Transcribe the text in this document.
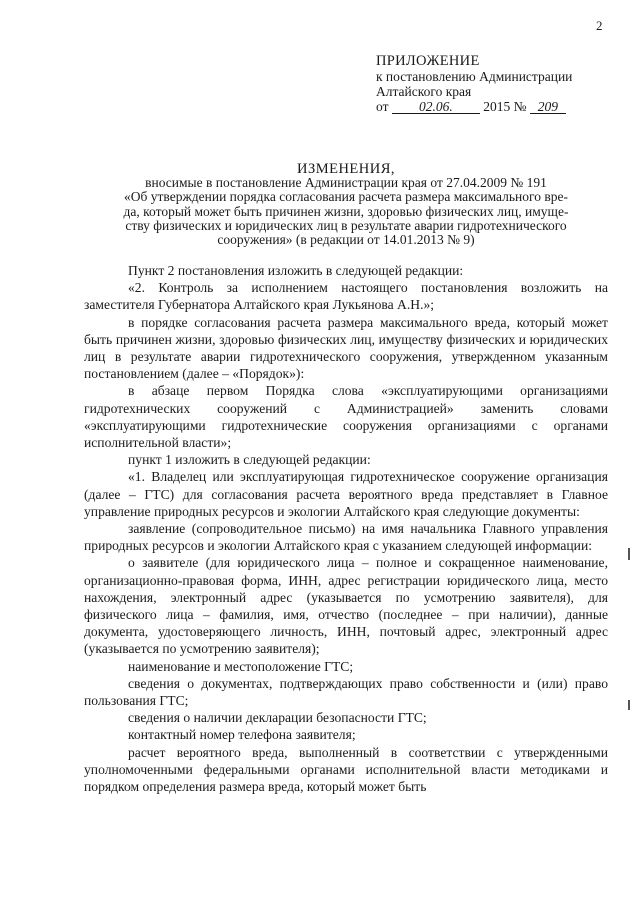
2
ПРИЛОЖЕНИЕ
к постановлению Администрации
Алтайского края
от 02.06. 2015 № 209
ИЗМЕНЕНИЯ,
вносимые в постановление Администрации края от 27.04.2009 № 191
«Об утверждении порядка согласования расчета размера максимального вре-
да, который может быть причинен жизни, здоровью физических лиц, имуще-
ству физических и юридических лиц в результате аварии гидротехнического
сооружения» (в редакции от 14.01.2013 № 9)

Пункт 2 постановления изложить в следующей редакции:

«2. Контроль за исполнением настоящего постановления возложить на заместителя Губернатора Алтайского края Лукьянова А.Н.»;

в порядке согласования расчета размера максимального вреда, который может быть причинен жизни, здоровью физических лиц, имуществу физических и юридических лиц в результате аварии гидротехнического сооружения, утвержденном указанным постановлением (далее – «Порядок»):

в абзаце первом Порядка слова «эксплуатирующими организациями гидротехнических сооружений с Администрацией» заменить словами «эксплуатирующими гидротехнические сооружения организациями с органами исполнительной власти»;

пункт 1 изложить в следующей редакции:

«1. Владелец или эксплуатирующая гидротехническое сооружение организация (далее – ГТС) для согласования расчета вероятного вреда представляет в Главное управление природных ресурсов и экологии Алтайского края следующие документы:

заявление (сопроводительное письмо) на имя начальника Главного управления природных ресурсов и экологии Алтайского края с указанием следующей информации:

о заявителе (для юридического лица – полное и сокращенное наименование, организационно-правовая форма, ИНН, адрес регистрации юридического лица, место нахождения, электронный адрес (указывается по усмотрению заявителя), для физического лица – фамилия, имя, отчество (последнее – при наличии), данные документа, удостоверяющего личность, ИНН, почтовый адрес, электронный адрес (указывается по усмотрению заявителя);

наименование и местоположение ГТС;

сведения о документах, подтверждающих право собственности и (или) право пользования ГТС;

сведения о наличии декларации безопасности ГТС;

контактный номер телефона заявителя;

расчет вероятного вреда, выполненный в соответствии с утвержденными уполномоченными федеральными органами исполнительной власти методиками и порядком определения размера вреда, который может быть
